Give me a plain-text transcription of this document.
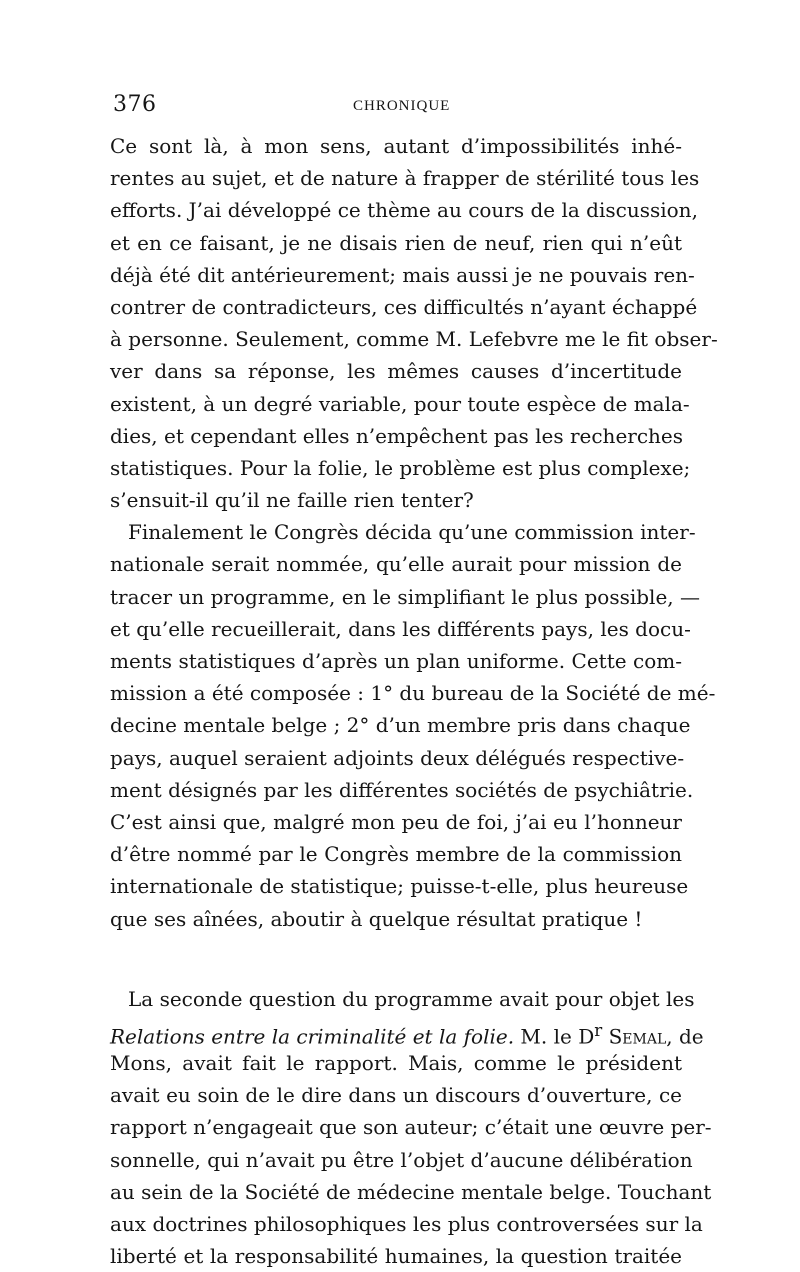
376	CHRONIQUE
Ce sont là, à mon sens, autant d’impossibilités inhé-
rentes au sujet, et de nature à frapper de stérilité tous les
efforts. J’ai développé ce thème au cours de la discussion,
et en ce faisant, je ne disais rien de neuf, rien qui n’eût
déjà été dit antérieurement; mais aussi je ne pouvais ren-
contrer de contradicteurs, ces difficultés n’ayant échappé
à personne. Seulement, comme M. Lefebvre me le fit obser-
ver dans sa réponse, les mêmes causes d’incertitude
existent, à un degré variable, pour toute espèce de mala-
dies, et cependant elles n’empêchent pas les recherches
statistiques. Pour la folie, le problème est plus complexe;
s’ensuit-il qu’il ne faille rien tenter?
Finalement le Congrès décida qu’une commission inter-
nationale serait nommée, qu’elle aurait pour mission de
tracer un programme, en le simplifiant le plus possible, —
et qu’elle recueillerait, dans les différents pays, les docu-
ments statistiques d’après un plan uniforme. Cette com-
mission a été composée : 1° du bureau de la Société de mé-
decine mentale belge ; 2° d’un membre pris dans chaque
pays, auquel seraient adjoints deux délégués respective-
ment désignés par les différentes sociétés de psychiâtrie.
C’est ainsi que, malgré mon peu de foi, j’ai eu l’honneur
d’être nommé par le Congrès membre de la commission
internationale de statistique; puisse-t-elle, plus heureuse
que ses aînées, aboutir à quelque résultat pratique !
La seconde question du programme avait pour objet les
Relations entre la criminalité et la folie. M. le $D^r$ Semal, de
Mons, avait fait le rapport. Mais, comme le président
avait eu soin de le dire dans un discours d’ouverture, ce
rapport n’engageait que son auteur; c’était une œuvre per-
sonnelle, qui n’avait pu être l’objet d’aucune délibération
au sein de la Société de médecine mentale belge. Touchant
aux doctrines philosophiques les plus controversées sur la
liberté et la responsabilité humaines, la question traitée
